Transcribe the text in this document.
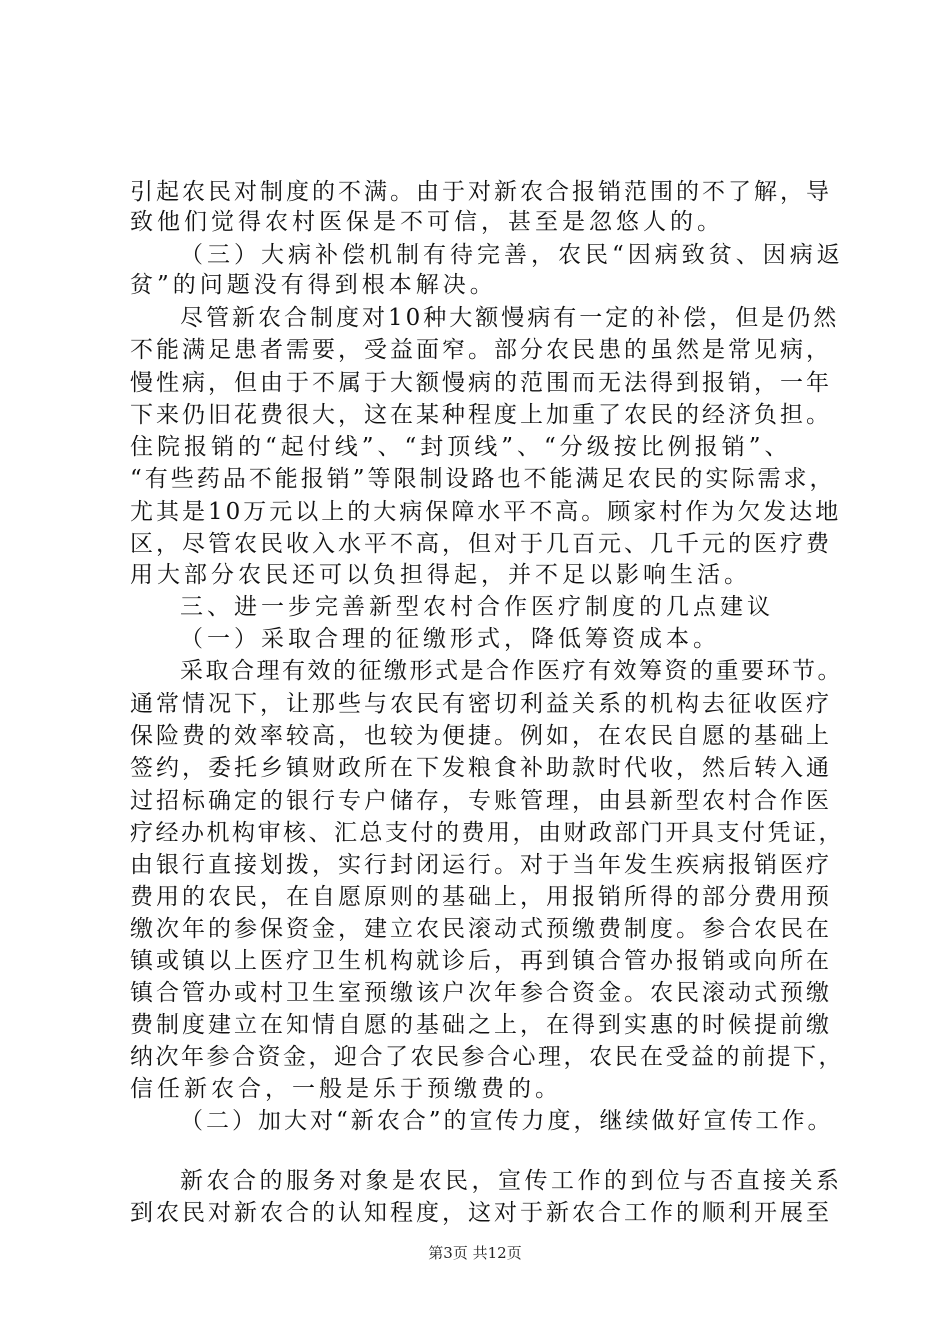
引起农民对制度的不满。由于对新农合报销范围的不了解，导
致他们觉得农村医保是不可信，甚至是忽悠人的。
（三）大病补偿机制有待完善，农民“因病致贫、因病返
贫”的问题没有得到根本解决。
尽管新农合制度对10种大额慢病有一定的补偿，但是仍然
不能满足患者需要，受益面窄。部分农民患的虽然是常见病，
慢性病，但由于不属于大额慢病的范围而无法得到报销，一年
下来仍旧花费很大，这在某种程度上加重了农民的经济负担。
住院报销的“起付线”、“封顶线”、“分级按比例报销”、
“有些药品不能报销”等限制设路也不能满足农民的实际需求，
尤其是10万元以上的大病保障水平不高。顾家村作为欠发达地
区，尽管农民收入水平不高，但对于几百元、几千元的医疗费
用大部分农民还可以负担得起，并不足以影响生活。
三、进一步完善新型农村合作医疗制度的几点建议
（一）采取合理的征缴形式，降低筹资成本。
采取合理有效的征缴形式是合作医疗有效筹资的重要环节。
通常情况下，让那些与农民有密切利益关系的机构去征收医疗
保险费的效率较高，也较为便捷。例如，在农民自愿的基础上
签约，委托乡镇财政所在下发粮食补助款时代收，然后转入通
过招标确定的银行专户储存，专账管理，由县新型农村合作医
疗经办机构审核、汇总支付的费用，由财政部门开具支付凭证，
由银行直接划拨，实行封闭运行。对于当年发生疾病报销医疗
费用的农民，在自愿原则的基础上，用报销所得的部分费用预
缴次年的参保资金，建立农民滚动式预缴费制度。参合农民在
镇或镇以上医疗卫生机构就诊后，再到镇合管办报销或向所在
镇合管办或村卫生室预缴该户次年参合资金。农民滚动式预缴
费制度建立在知情自愿的基础之上，在得到实惠的时候提前缴
纳次年参合资金，迎合了农民参合心理，农民在受益的前提下，
信任新农合，一般是乐于预缴费的。
（二）加大对“新农合”的宣传力度，继续做好宣传工作。
新农合的服务对象是农民，宣传工作的到位与否直接关系
到农民对新农合的认知程度，这对于新农合工作的顺利开展至
第3页 共12页
